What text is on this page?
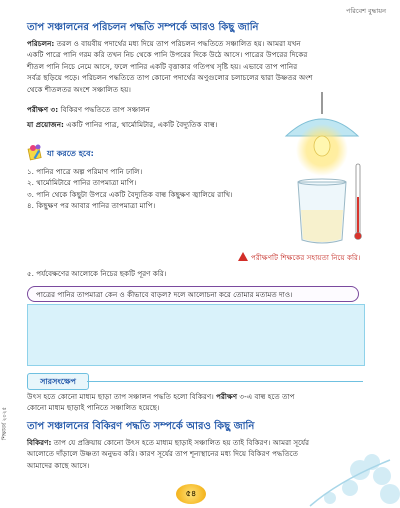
পরিবেশ বুদ্ধায়ন
তাপ সঞ্চালনের পরিচলন পদ্ধতি সম্পর্কে আরও কিছু জানি
পরিচলন: তরল ও বায়বীয় পদার্থের মধ্য দিয়ে তাপ পরিচলন পদ্ধতিতে সঞ্চালিত হয়। আমরা যখন
একটি পাত্রে পানি গরম করি তখন নিচ থেকে পানি উপরের দিকে উঠে আসে। পাত্রের উপরের দিকের
শীতল পানি নিচে নেমে আসে, ফলে পানির একটি বৃত্তাকার গতিপথ সৃষ্টি হয়। এভাবে তাপ পানির
সর্বত্র ছড়িয়ে পড়ে। পরিচলন পদ্ধতিতে তাপ কোনো পদার্থের অণুগুলোর চলাচলের দ্বারা উষ্ণতর অংশ
থেকে শীতলতর অংশে সঞ্চালিত হয়।
পরীক্ষণ ৩: বিকিরণ পদ্ধতিতে তাপ সঞ্চালন
যা প্রয়োজন: একটি পানির পাত্র, থার্মোমিটার, একটি বৈদ্যুতিক বাল্ব।
যা করতে হবে:
১. পানির পাত্রে অল্প পরিমাণ পানি ঢালি।
২. থার্মোমিটারে পানির তাপমাত্রা মাপি।
৩. পানি থেকে কিছুটা উপরে একটি বৈদ্যুতিক বাল্ব কিছুক্ষণ জ্বালিয়ে রাখি।
৪. কিছুক্ষণ পর আবার পানির তাপমাত্রা মাপি।
পরীক্ষণটি শিক্ষকের সহায়তা নিয়ে করি।
৫. পর্যবেক্ষণের আলোকে নিচের ছকটি পূরণ করি।
পাত্রের পানির তাপমাত্রা কেন ও কীভাবে বাড়ল? দলে আলোচনা করে তোমার মতামত দাও।
সারসংক্ষেপ
উৎস হতে কোনো মাধ্যম ছাড়া তাপ সঞ্চালন পদ্ধতি হলো বিকিরণ। পরীক্ষণ ৩-এ বাল্ব হতে তাপ
কোনো মাধ্যম ছাড়াই পানিতে সঞ্চালিত হয়েছে।
তাপ সঞ্চালনের বিকিরণ পদ্ধতি সম্পর্কে আরও কিছু জানি
বিকিরণ: তাপ যে প্রক্রিয়ায় কোনো উৎস হতে মাধ্যম ছাড়াই সঞ্চালিত হয় তাই বিকিরণ। আমরা সূর্যের
আলোতে দাঁড়ালে উষ্ণতা অনুভব করি। কারণ সূর্যের তাপ শূন্যস্থানের মধ্য দিয়ে বিকিরণ পদ্ধতিতে
আমাদের কাছে আসে।
শিক্ষাবর্ষ ২০২৫
৫৪
